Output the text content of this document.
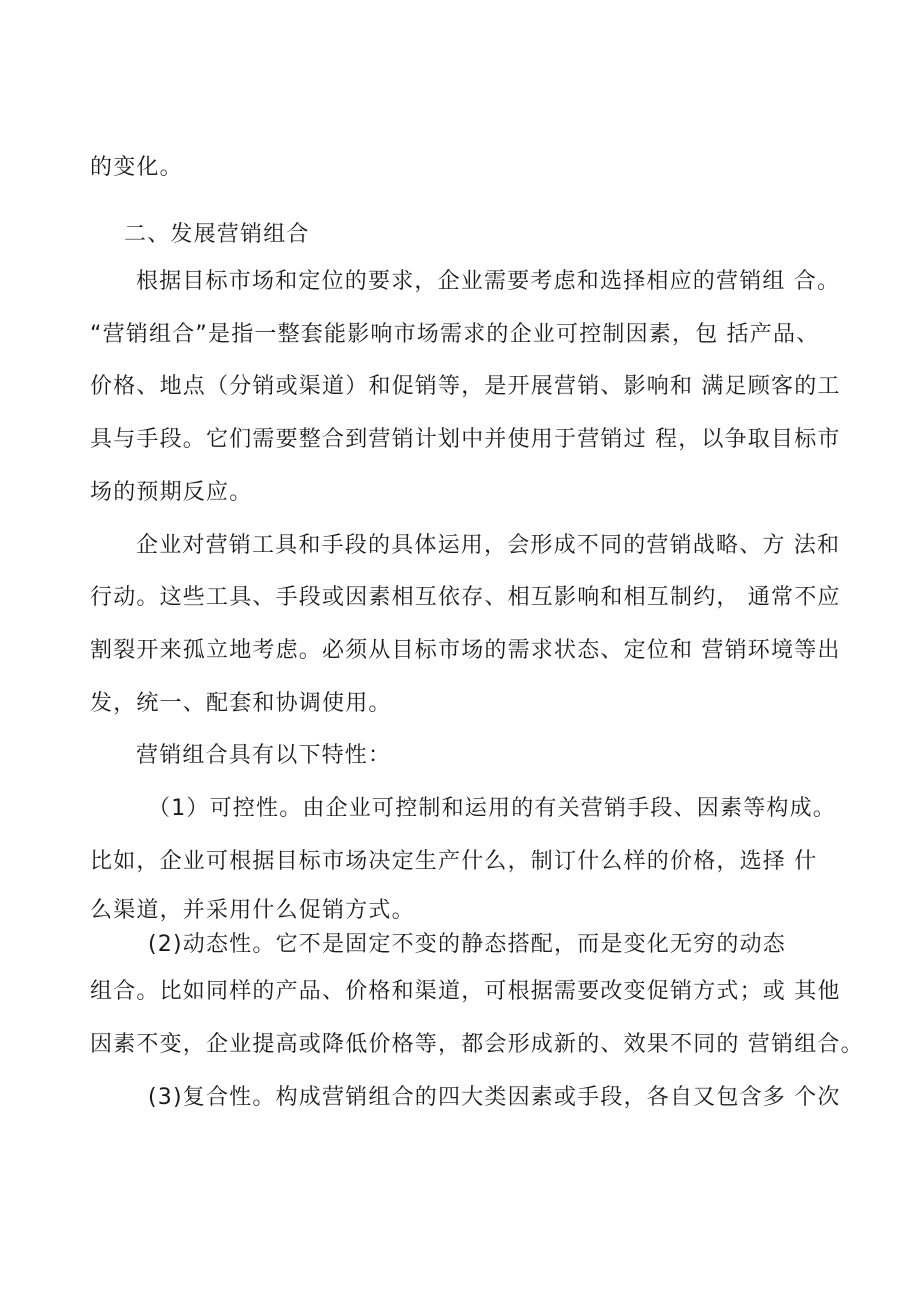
的变化。
二、发展营销组合
根据目标市场和定位的要求，企业需要考虑和选择相应的营销组 合。
“营销组合”是指一整套能影响市场需求的企业可控制因素，包 括产品、
价格、地点（分销或渠道）和促销等，是开展营销、影响和 满足顾客的工
具与手段。它们需要整合到营销计划中并使用于营销过 程，以争取目标市
场的预期反应。
企业对营销工具和手段的具体运用，会形成不同的营销战略、方 法和
行动。这些工具、手段或因素相互依存、相互影响和相互制约， 通常不应
割裂开来孤立地考虑。必须从目标市场的需求状态、定位和 营销环境等出
发，统一、配套和协调使用。
营销组合具有以下特性：
（1）可控性。由企业可控制和运用的有关营销手段、因素等构成。
比如，企业可根据目标市场决定生产什么，制订什么样的价格，选择 什
么渠道，并采用什么促销方式。
(2)动态性。它不是固定不变的静态搭配，而是变化无穷的动态
组合。比如同样的产品、价格和渠道，可根据需要改变促销方式；或 其他
因素不变，企业提高或降低价格等，都会形成新的、效果不同的 营销组合。
(3)复合性。构成营销组合的四大类因素或手段，各自又包含多 个次
